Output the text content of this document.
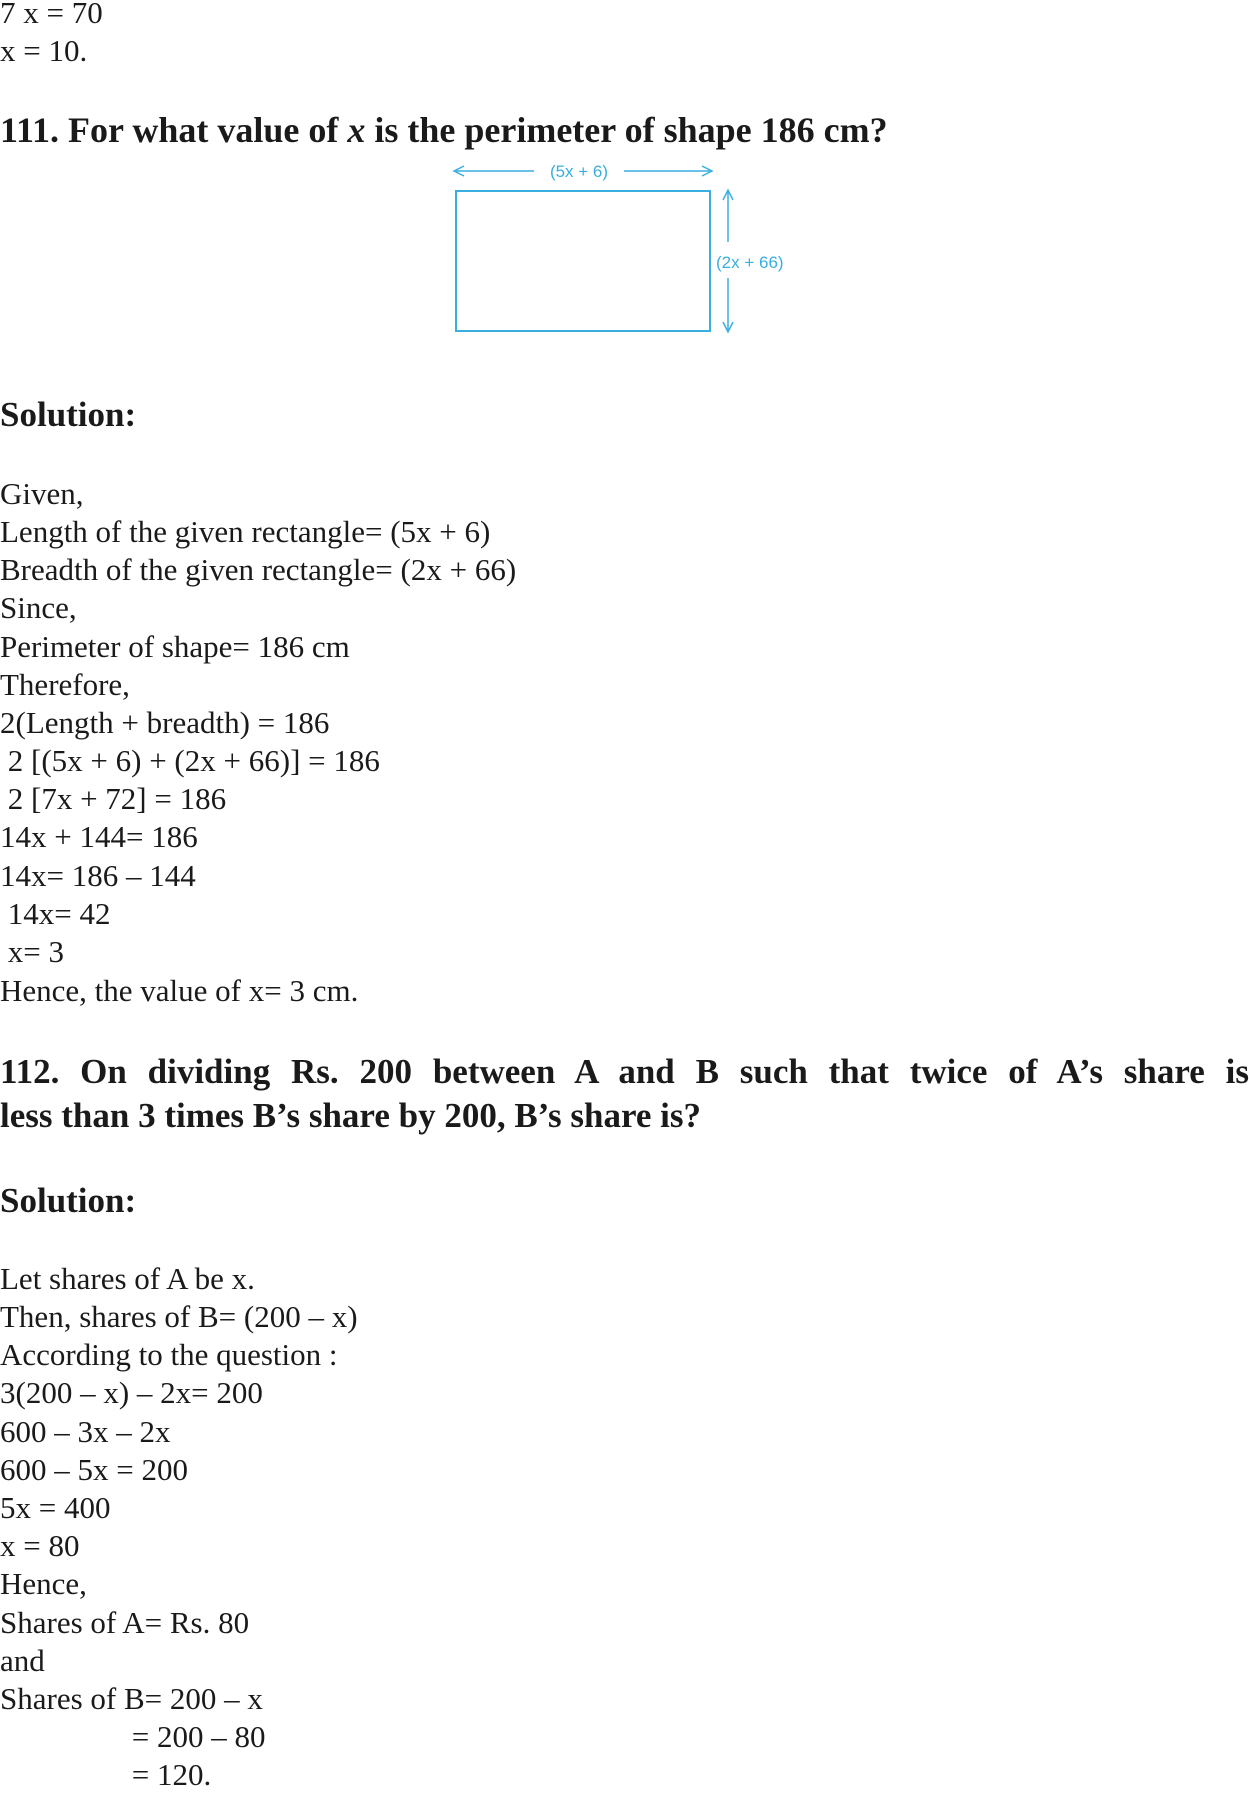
7 x = 70

x = 10.

111. For what value of x is the perimeter of shape 186 cm?
(5x + 6)
(2x + 66)
Solution:

Given,

Length of the given rectangle= (5x + 6)

Breadth of the given rectangle= (2x + 66)

Since,

Perimeter of shape= 186 cm

Therefore,

2(Length + breadth) = 186

2 [(5x + 6) + (2x + 66)] = 186

2 [7x + 72] = 186

14x + 144= 186

14x= 186 – 144

14x= 42

x= 3

Hence, the value of x= 3 cm.

112. On dividing Rs. 200 between A and B such that twice of A’s share is
less than 3 times B’s share by 200, B’s share is?
Solution:

Let shares of A be x.

Then, shares of B= (200 – x)

According to the question :

3(200 – x) – 2x= 200

600 – 3x – 2x

600 – 5x = 200

5x = 400

x = 80

Hence,

Shares of A= Rs. 80

and

Shares of B= 200 – x

= 200 – 80

= 120.
